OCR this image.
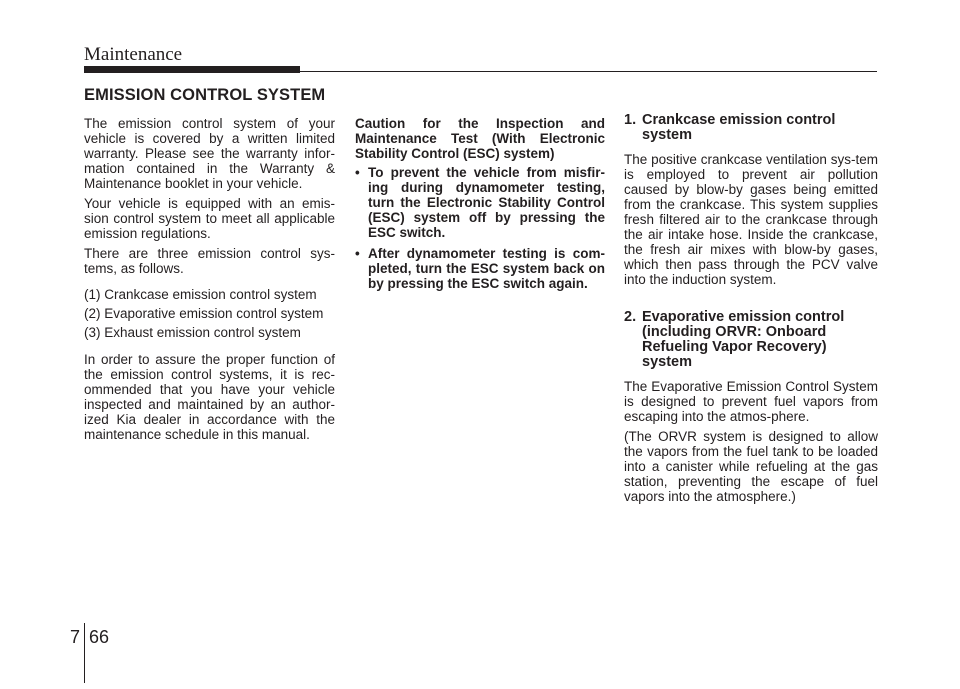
Maintenance
EMISSION CONTROL SYSTEM

The emission control system of your vehicle is covered by a written limited warranty. Please see the warranty infor-mation contained in the Warranty & Maintenance booklet in your vehicle.

Your vehicle is equipped with an emis-sion control system to meet all applicable emission regulations.

There are three emission control sys-tems, as follows.

(1) Crankcase emission control system

(2) Evaporative emission control system

(3) Exhaust emission control system

In order to assure the proper function of the emission control systems, it is rec-ommended that you have your vehicle inspected and maintained by an author-ized Kia dealer in accordance with the maintenance schedule in this manual.

Caution for the Inspection and Maintenance Test (With Electronic Stability Control (ESC) system)

• To prevent the vehicle from misfir-ing during dynamometer testing, turn the Electronic Stability Control (ESC) system off by pressing the ESC switch.
• After dynamometer testing is com-pleted, turn the ESC system back on by pressing the ESC switch again.
1. Crankcase emission control
system

The positive crankcase ventilation sys-tem is employed to prevent air pollution caused by blow-by gases being emitted from the crankcase. This system supplies fresh filtered air to the crankcase through the air intake hose. Inside the crankcase, the fresh air mixes with blow-by gases, which then pass through the PCV valve into the induction system.

2. Evaporative emission control
(including ORVR: Onboard
Refueling Vapor Recovery)
system

The Evaporative Emission Control System is designed to prevent fuel vapors from escaping into the atmos-phere.

(The ORVR system is designed to allow the vapors from the fuel tank to be loaded into a canister while refueling at the gas station, preventing the escape of fuel vapors into the atmosphere.)

7 66
